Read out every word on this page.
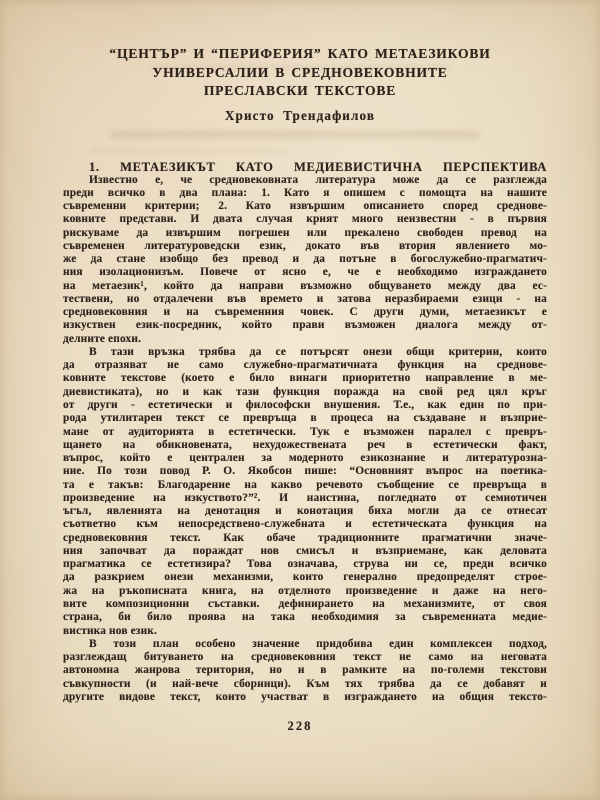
“ЦЕНТЪР” И “ПЕРИФЕРИЯ” КАТО МЕТАЕЗИКОВИ
УНИВЕРСАЛИИ В СРЕДНОВЕКОВНИТЕ
ПРЕСЛАВСКИ ТЕКСТОВЕ
Христо Трендафилов
1. МЕТАЕЗИКЪТ КАТО МЕДИЕВИСТИЧНА ПЕРСПЕКТИВА
Известно е, че средновековната литература може да се разглежда
преди всичко в два плана: 1. Като я опишем с помощта на нашите
съвременни критерии; 2. Като извършим описанието според среднове-
ковните представи. И двата случая крият много неизвестни - в първия
рискуваме да извършим погрешен или прекалено свободен превод на
съвременен литературоведски език, докато във втория явлението мо-
же да стане изобщо без превод и да потъне в богослужебно-прагматич-
ния изолационизъм. Повече от ясно е, че е необходимо изграждането
на метаезик¹, който да направи възможно общуването между два ес-
тествени, но отдалечени във времето и затова неразбираеми езици - на
средновековния и на съвременния човек. С други думи, метаезикът е
изкуствен език-посредник, който прави възможен диалога между от-
делните епохи.
В тази връзка трябва да се потърсят онези общи критерии, които
да отразяват не само служебно-прагматичната функция на среднове-
ковните текстове (което е било винаги приоритетно направление в ме-
диевистиката), но и как тази функция поражда на свой ред цял кръг
от други - естетически и философски внушения. Т.е., как един по при-
рода утилитарен текст се превръща в процеса на създаване и възприе-
мане от аудиторията в естетически. Тук е възможен паралел с превръ-
щането на обикновената, нехудожествената реч в естетически факт,
въпрос, който е централен за модерното езикознание и литературозна-
ние. По този повод Р. О. Якобсон пише: “Основният въпрос на поетика-
та е такъв: Благодарение на какво речевото съобщение се превръща в
произведение на изкуството?”². И наистина, погледнато от семиотичен
ъгъл, явленията на денотация и конотация биха могли да се отнесат
съответно към непосредствено-служебната и естетическата функция на
средновековния текст. Как обаче традиционните прагматични значе-
ния започват да пораждат нов смисъл и възприемане, как деловата
прагматика се естетизира? Това означава, струва ни се, преди всичко
да разкрием онези механизми, които генерално предопределят строе-
жа на ръкописната книга, на отделното произведение и даже на него-
вите композиционни съставки. дефинирането на механизмите, от своя
страна, би било проява на така необходимия за съвременната медие-
вистика нов език.
В този план особено значение придобива един комплексен подход,
разглеждащ битуването на средновековния текст не само на неговата
автономна жанрова територия, но и в рамките на по-големи текстови
съвкупности (и най-вече сборници). Към тях трябва да се добавят и
другите видове текст, които участват в изграждането на общия тексто-
228
